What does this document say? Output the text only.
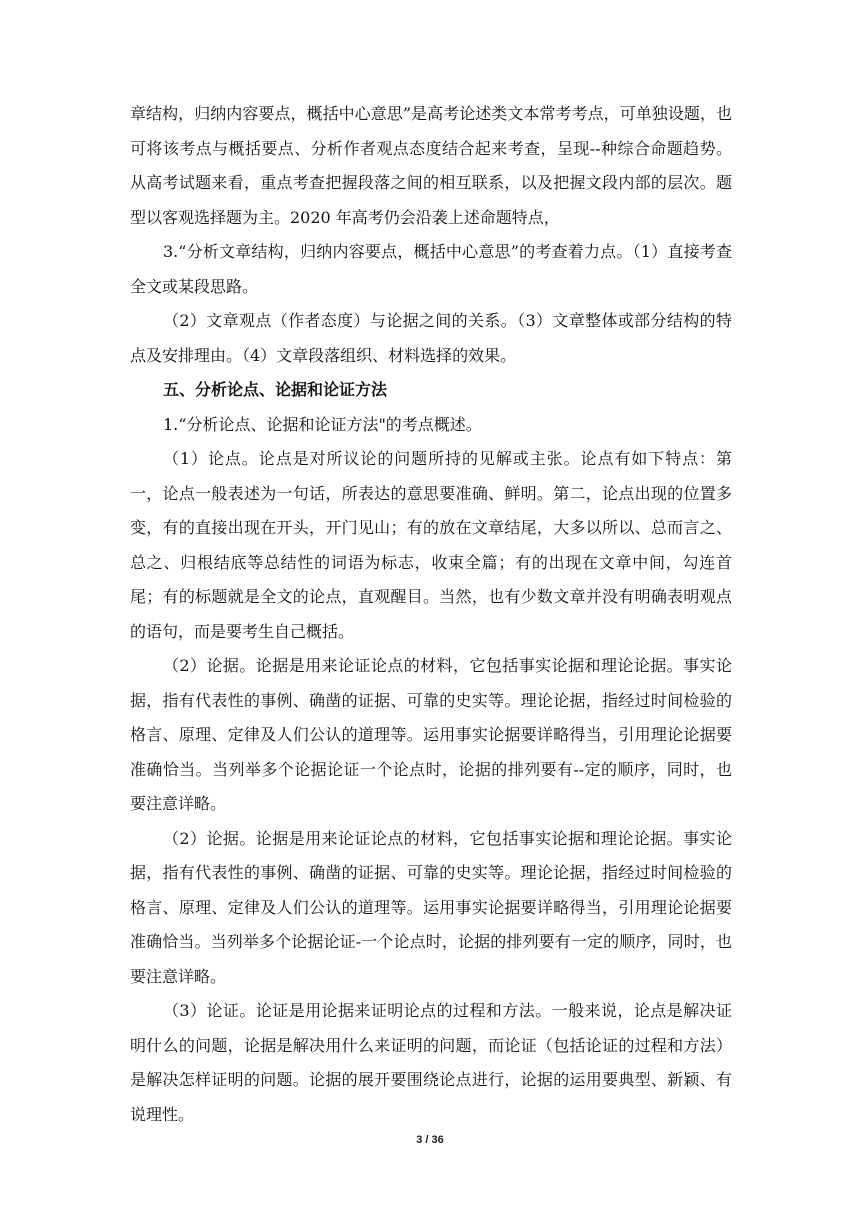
章结构，归纳内容要点，概括中心意思”是高考论述类文本常考考点，可单独设题，也可将该考点与概括要点、分析作者观点态度结合起来考查，呈现--种综合命题趋势。从高考试题来看，重点考查把握段落之间的相互联系，以及把握文段内部的层次。题型以客观选择题为主。2020 年高考仍会沿袭上述命题特点，

3.“分析文章结构，归纳内容要点，概括中心意思”的考查着力点。（1）直接考查全文或某段思路。

（2）文章观点（作者态度）与论据之间的关系。（3）文章整体或部分结构的特点及安排理由。（4）文章段落组织、材料选择的效果。

五、分析论点、论据和论证方法

1.“分析论点、论据和论证方法"的考点概述。

（1）论点。论点是对所议论的问题所持的见解或主张。论点有如下特点：第一，论点一般表述为一句话，所表达的意思要准确、鲜明。第二，论点出现的位置多变，有的直接出现在开头，开门见山；有的放在文章结尾，大多以所以、总而言之、总之、归根结底等总结性的词语为标志，收束全篇；有的出现在文章中间，勾连首尾；有的标题就是全文的论点，直观醒目。当然，也有少数文章并没有明确表明观点的语句，而是要考生自己概括。

（2）论据。论据是用来论证论点的材料，它包括事实论据和理论论据。事实论据，指有代表性的事例、确凿的证据、可靠的史实等。理论论据，指经过时间检验的格言、原理、定律及人们公认的道理等。运用事实论据要详略得当，引用理论论据要准确恰当。当列举多个论据论证一个论点时，论据的排列要有--定的顺序，同时，也要注意详略。

（2）论据。论据是用来论证论点的材料，它包括事实论据和理论论据。事实论据，指有代表性的事例、确凿的证据、可靠的史实等。理论论据，指经过时间检验的格言、原理、定律及人们公认的道理等。运用事实论据要详略得当，引用理论论据要准确恰当。当列举多个论据论证-一个论点时，论据的排列要有一定的顺序，同时，也要注意详略。

（3）论证。论证是用论据来证明论点的过程和方法。一般来说，论点是解决证明什么的问题，论据是解决用什么来证明的问题，而论证（包括论证的过程和方法）是解决怎样证明的问题。论据的展开要围绕论点进行，论据的运用要典型、新颖、有说理性。

3 / 36
